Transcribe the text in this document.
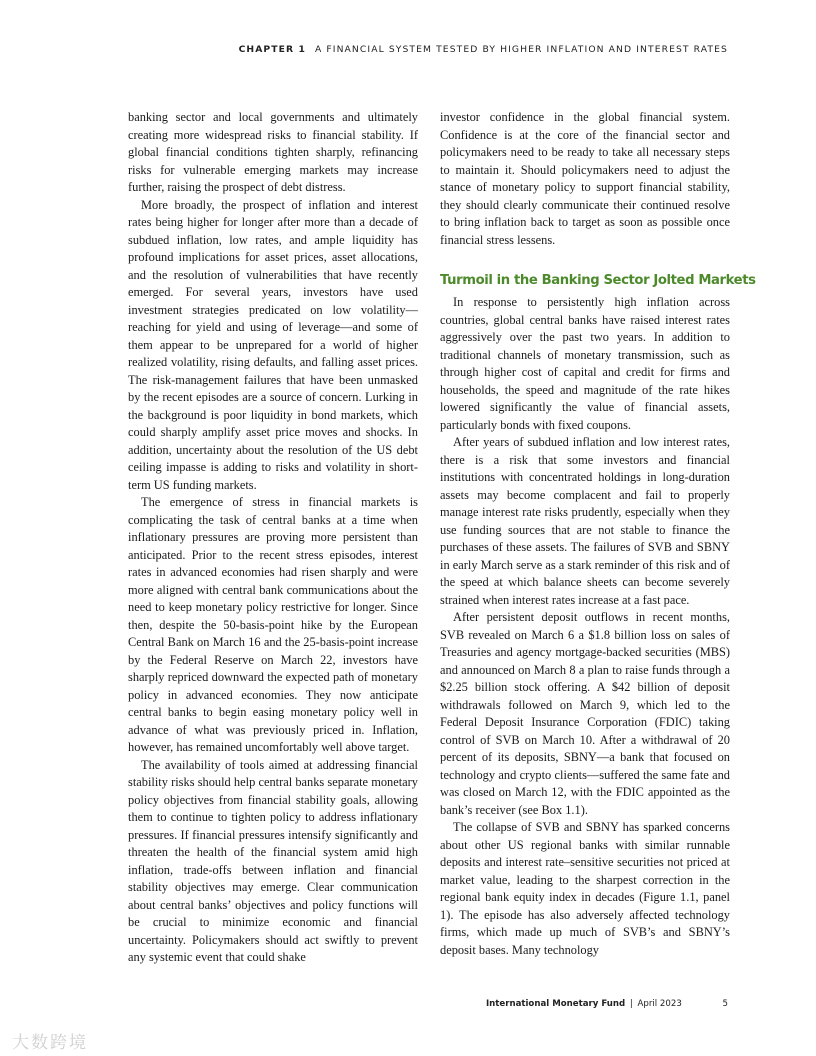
CHAPTER 1 A FINANCIAL SYSTEM TESTED BY HIGHER INFLATION AND INTEREST RATES

banking sector and local governments and ultimately creating more widespread risks to financial stability. If global financial conditions tighten sharply, refinancing risks for vulnerable emerging markets may increase further, raising the prospect of debt distress.

More broadly, the prospect of inflation and interest rates being higher for longer after more than a decade of subdued inflation, low rates, and ample liquidity has profound implications for asset prices, asset allocations, and the resolution of vulnerabilities that have recently emerged. For several years, investors have used investment strategies predicated on low volatility—reaching for yield and using of leverage—and some of them appear to be unprepared for a world of higher realized volatility, rising defaults, and falling asset prices. The risk-management failures that have been unmasked by the recent episodes are a source of concern. Lurking in the background is poor liquidity in bond markets, which could sharply amplify asset price moves and shocks. In addition, uncertainty about the resolution of the US debt ceiling impasse is adding to risks and volatility in short-term US funding markets.

The emergence of stress in financial markets is complicating the task of central banks at a time when inflationary pressures are proving more persistent than anticipated. Prior to the recent stress episodes, interest rates in advanced economies had risen sharply and were more aligned with central bank communications about the need to keep monetary policy restrictive for longer. Since then, despite the 50-basis-point hike by the European Central Bank on March 16 and the 25-basis-point increase by the Federal Reserve on March 22, investors have sharply repriced downward the expected path of monetary policy in advanced economies. They now anticipate central banks to begin easing monetary policy well in advance of what was previously priced in. Inflation, however, has remained uncomfortably well above target.

The availability of tools aimed at addressing financial stability risks should help central banks separate monetary policy objectives from financial stability goals, allowing them to continue to tighten policy to address inflationary pressures. If financial pressures intensify significantly and threaten the health of the financial system amid high inflation, trade-offs between inflation and financial stability objectives may emerge. Clear communication about central banks’ objectives and policy functions will be crucial to minimize economic and financial uncertainty. Policymakers should act swiftly to prevent any systemic event that could shake

investor confidence in the global financial system. Confidence is at the core of the financial sector and policymakers need to be ready to take all necessary steps to maintain it. Should policymakers need to adjust the stance of monetary policy to support financial stability, they should clearly communicate their continued resolve to bring inflation back to target as soon as possible once financial stress lessens.

Turmoil in the Banking Sector Jolted Markets

In response to persistently high inflation across countries, global central banks have raised interest rates aggressively over the past two years. In addition to traditional channels of monetary transmission, such as through higher cost of capital and credit for firms and households, the speed and magnitude of the rate hikes lowered significantly the value of financial assets, particularly bonds with fixed coupons.

After years of subdued inflation and low interest rates, there is a risk that some investors and financial institutions with concentrated holdings in long-duration assets may become complacent and fail to properly manage interest rate risks prudently, especially when they use funding sources that are not stable to finance the purchases of these assets. The failures of SVB and SBNY in early March serve as a stark reminder of this risk and of the speed at which balance sheets can become severely strained when interest rates increase at a fast pace.

After persistent deposit outflows in recent months, SVB revealed on March 6 a $1.8 billion loss on sales of Treasuries and agency mortgage-backed securities (MBS) and announced on March 8 a plan to raise funds through a $2.25 billion stock offering. A $42 billion of deposit withdrawals followed on March 9, which led to the Federal Deposit Insurance Corporation (FDIC) taking control of SVB on March 10. After a withdrawal of 20 percent of its deposits, SBNY—a bank that focused on technology and crypto clients—suffered the same fate and was closed on March 12, with the FDIC appointed as the bank’s receiver (see Box 1.1).

The collapse of SVB and SBNY has sparked concerns about other US regional banks with similar runnable deposits and interest rate–sensitive securities not priced at market value, leading to the sharpest correction in the regional bank equity index in decades (Figure 1.1, panel 1). The episode has also adversely affected technology firms, which made up much of SVB’s and SBNY’s deposit bases. Many technology

International Monetary Fund | April 2023	5
大数跨境
